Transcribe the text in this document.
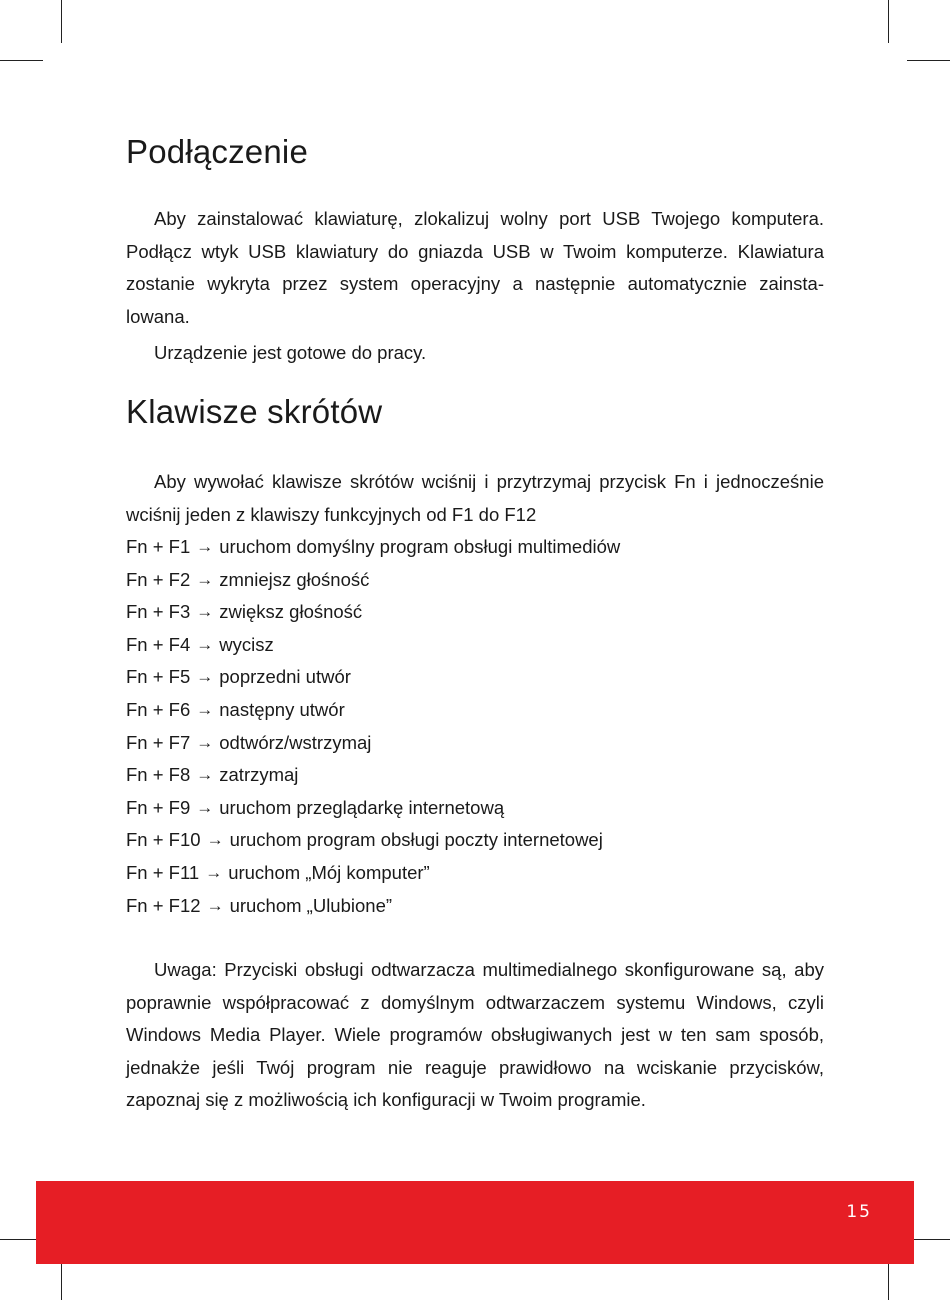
Podłączenie

Aby zainstalować klawiaturę, zlokalizuj wolny port USB Twojego komputera. Podłącz wtyk USB klawiatury do gniazda USB w Twoim komputerze. Klawiatura zostanie wykryta przez system operacyjny a następnie automatycznie zainstalowana.

Urządzenie jest gotowe do pracy.

Klawisze skrótów

Aby wywołać klawisze skrótów wciśnij i przytrzymaj przycisk Fn i jednocześnie wciśnij jeden z klawiszy funkcyjnych od F1 do F12

Fn + F1 → uruchom domyślny program obsługi multimediów
Fn + F2 → zmniejsz głośność
Fn + F3 → zwiększ głośność
Fn + F4 → wycisz
Fn + F5 → poprzedni utwór
Fn + F6 → następny utwór
Fn + F7 → odtwórz/wstrzymaj
Fn + F8 → zatrzymaj
Fn + F9 → uruchom przeglądarkę internetową
Fn + F10 → uruchom program obsługi poczty internetowej
Fn + F11 → uruchom „Mój komputer”
Fn + F12 → uruchom „Ulubione”

Uwaga: Przyciski obsługi odtwarzacza multimedialnego skonfigurowane są, aby poprawnie współpracować z domyślnym odtwarzaczem systemu Windows, czyli Windows Media Player. Wiele programów obsługiwanych jest w ten sam sposób, jednakże jeśli Twój program nie reaguje prawidłowo na wciskanie przycisków, zapoznaj się z możliwością ich konfiguracji w Twoim programie.

15
